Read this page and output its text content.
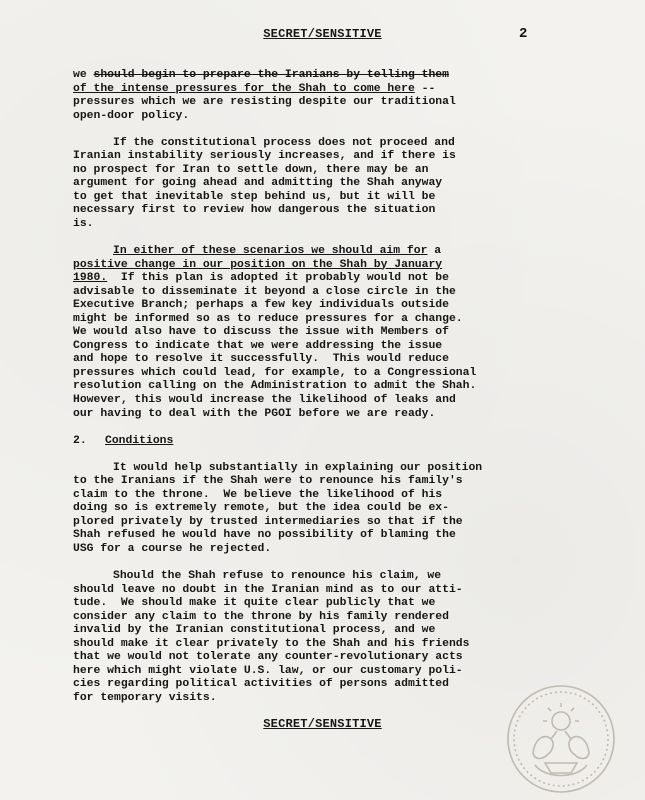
SECRET/SENSITIVE	2
we should begin to prepare the Iranians by telling them
of the intense pressures for the Shah to come here --
pressures which we are resisting despite our traditional
open-door policy.
If the constitutional process does not proceed and
Iranian instability seriously increases, and if there is
no prospect for Iran to settle down, there may be an
argument for going ahead and admitting the Shah anyway
to get that inevitable step behind us, but it will be
necessary first to review how dangerous the situation
is.
In either of these scenarios we should aim for a
positive change in our position on the Shah by January
1980.  If this plan is adopted it probably would not be
advisable to disseminate it beyond a close circle in the
Executive Branch; perhaps a few key individuals outside
might be informed so as to reduce pressures for a change.
We would also have to discuss the issue with Members of
Congress to indicate that we were addressing the issue
and hope to resolve it successfully.  This would reduce
pressures which could lead, for example, to a Congressional
resolution calling on the Administration to admit the Shah.
However, this would increase the likelihood of leaks and
our having to deal with the PGOI before we are ready.
2. Conditions
It would help substantially in explaining our position
to the Iranians if the Shah were to renounce his family's
claim to the throne.  We believe the likelihood of his
doing so is extremely remote, but the idea could be ex-
plored privately by trusted intermediaries so that if the
Shah refused he would have no possibility of blaming the
USG for a course he rejected.
Should the Shah refuse to renounce his claim, we
should leave no doubt in the Iranian mind as to our atti-
tude.  We should make it quite clear publicly that we
consider any claim to the throne by his family rendered
invalid by the Iranian constitutional process, and we
should make it clear privately to the Shah and his friends
that we would not tolerate any counter-revolutionary acts
here which might violate U.S. law, or our customary poli-
cies regarding political activities of persons admitted
for temporary visits.
SECRET/SENSITIVE
